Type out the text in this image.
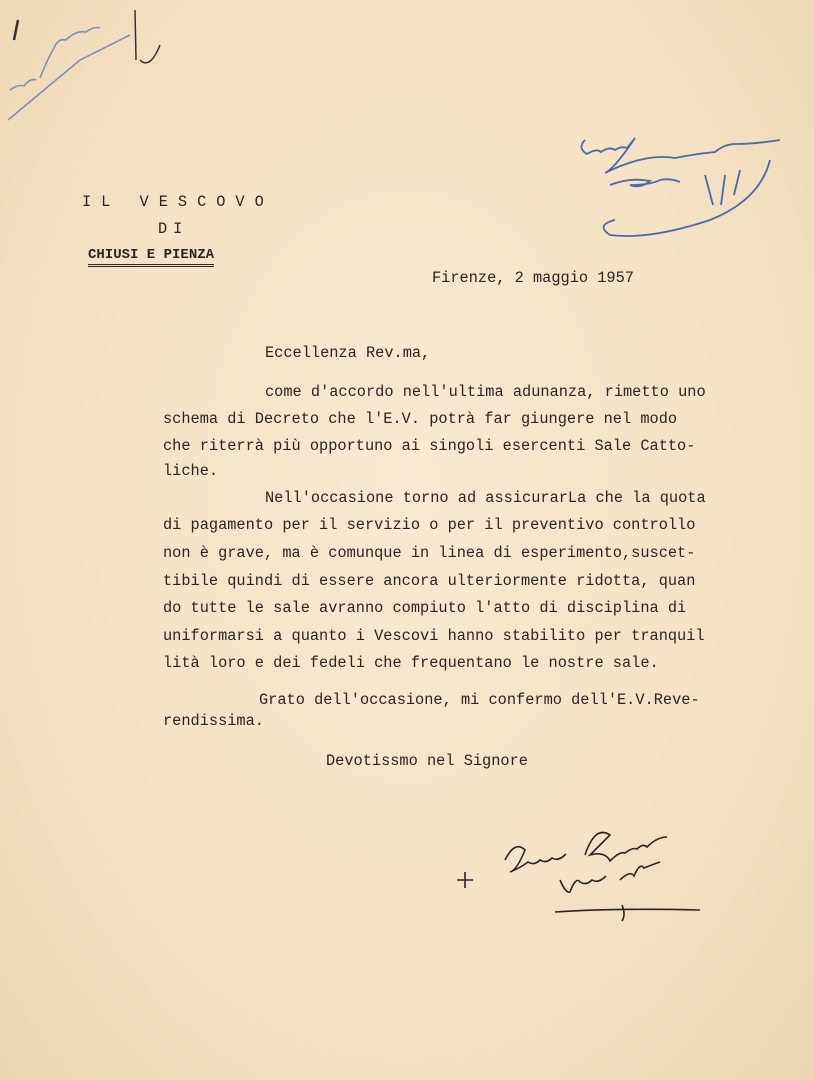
IL VESCOVO
DI
CHIUSI E PIENZA
Firenze, 2 maggio 1957
Eccellenza Rev.ma,
come d'accordo nell'ultima adunanza, rimetto uno
schema di Decreto che l'E.V. potrà far giungere nel modo
che riterrà più opportuno ai singoli esercenti Sale Catto-
liche.
Nell'occasione torno ad assicurarLa che la quota
di pagamento per il servizio o per il preventivo controllo
non è grave, ma è comunque in linea di esperimento,suscet-
tibile quindi di essere ancora ulteriormente ridotta, quan
do tutte le sale avranno compiuto l'atto di disciplina di
uniformarsi a quanto i Vescovi hanno stabilito per tranquil
lità loro e dei fedeli che frequentano le nostre sale.
Grato dell'occasione, mi confermo dell'E.V.Reve-
rendissima.
Devotissmo nel Signore
